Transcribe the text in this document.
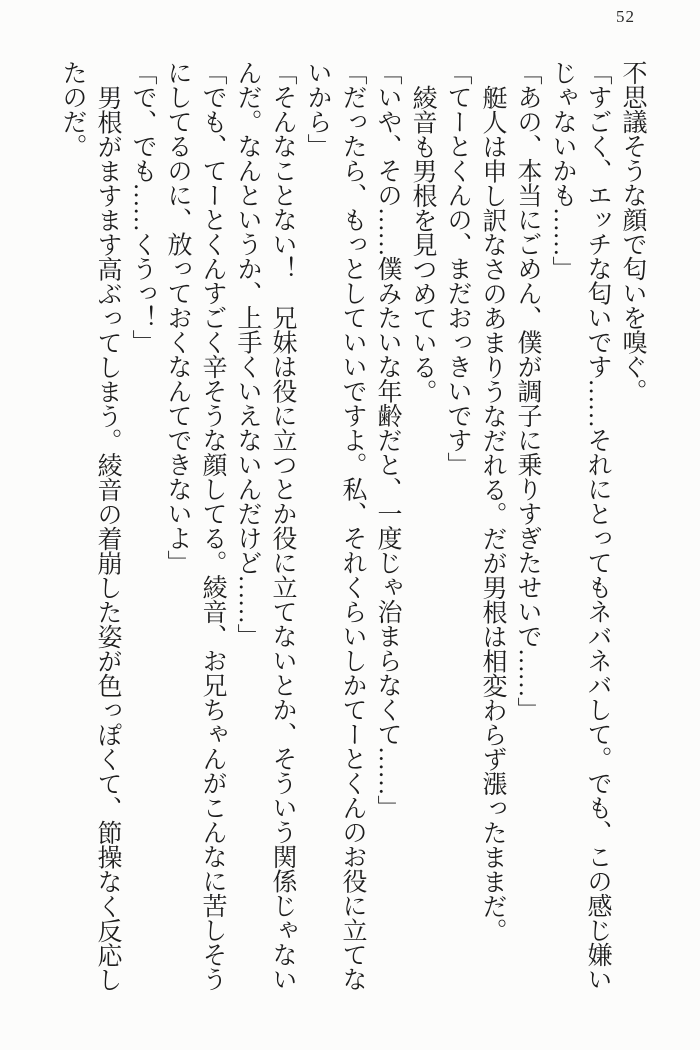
52

不思議そうな顔で匂いを嗅ぐ。

「すごく、エッチな匂いです……それにとってもネバネバして。でも、この感じ嫌い

じゃないかも……」

「あの、本当にごめん、僕が調子に乗りすぎたせいで……」

艇人は申し訳なさのあまりうなだれる。だが男根は相変わらず漲ったままだ。

「てーとくんの、まだおっきいです」

綾音も男根を見つめている。

「いや、その……僕みたいな年齢だと、一度じゃ治まらなくて……」

「だったら、もっとしていいですよ。私、それくらいしかてーとくんのお役に立てな

いから」

「そんなことない！　兄妹は役に立つとか役に立てないとか、そういう関係じゃない

んだ。なんというか、上手くいえないんだけど……」

「でも、てーとくんすごく辛そうな顔してる。綾音、お兄ちゃんがこんなに苦しそう

にしてるのに、放っておくなんてできないよ」

「で、でも……くうっ！」

男根がますます高ぶってしまう。綾音の着崩した姿が色っぽくて、節操なく反応し

たのだ。
